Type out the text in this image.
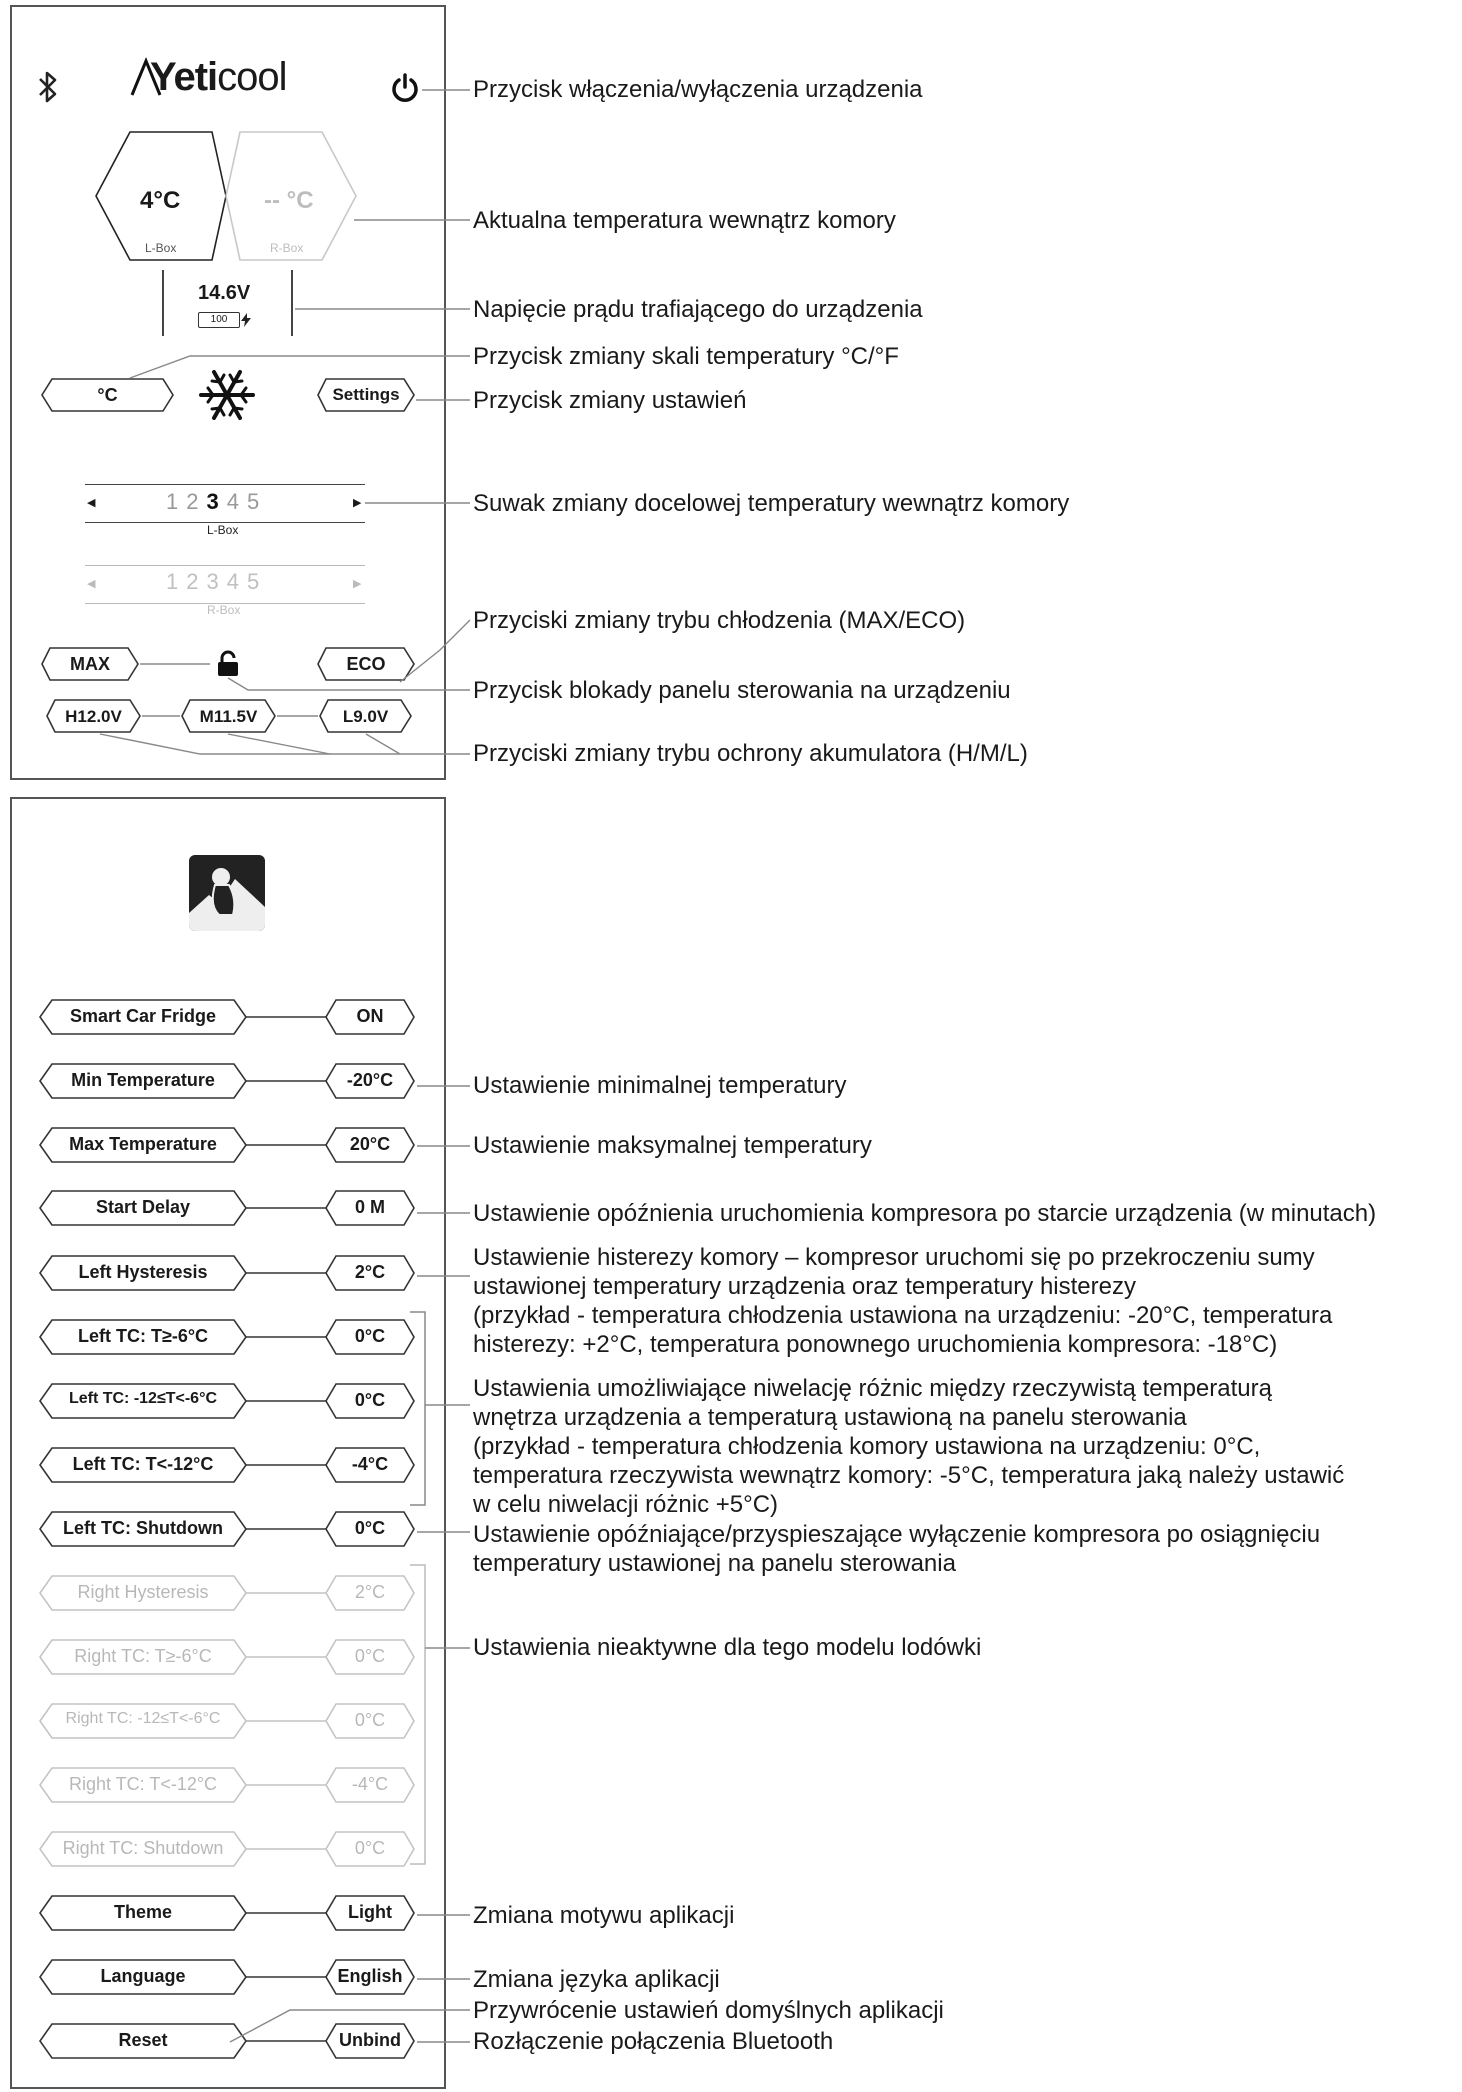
Yeticool
4°C
L-Box
-- °C
R-Box
14.6V
100
°C	Settings
◀	▶
12345
L-Box
◀	▶
12345
R-Box
MAX	ECO
H12.0V	M11.5V	L9.0V
Przycisk włączenia/wyłączenia urządzenia
Aktualna temperatura wewnątrz komory
Napięcie prądu trafiającego do urządzenia
Przycisk zmiany skali temperatury °C/°F
Przycisk zmiany ustawień
Suwak zmiany docelowej temperatury wewnątrz komory
Przyciski zmiany trybu chłodzenia (MAX/ECO)
Przycisk blokady panelu sterowania na urządzeniu
Przyciski zmiany trybu ochrony akumulatora (H/M/L)
Smart Car Fridge	ON
Min Temperature	-20°C
Max Temperature	20°C
Start Delay	0 M
Left Hysteresis	2°C
Left TC: T≥-6°C	0°C
Left TC: -12≤T<-6°C	0°C
Left TC: T<-12°C	-4°C
Left TC: Shutdown	0°C
Right Hysteresis	2°C
Right TC: T≥-6°C	0°C
Right TC: -12≤T<-6°C	0°C
Right TC: T<-12°C	-4°C
Right TC: Shutdown	0°C
Theme	Light
Language	English
Reset	Unbind
Ustawienie minimalnej temperatury
Ustawienie maksymalnej temperatury
Ustawienie opóźnienia uruchomienia kompresora po starcie urządzenia (w minutach)
Ustawienie histerezy komory – kompresor uruchomi się po przekroczeniu sumy
ustawionej temperatury urządzenia oraz temperatury histerezy
(przykład - temperatura chłodzenia ustawiona na urządzeniu: -20°C, temperatura
histerezy: +2°C, temperatura ponownego uruchomienia kompresora: -18°C)
Ustawienia umożliwiające niwelację różnic między rzeczywistą temperaturą
wnętrza urządzenia a temperaturą ustawioną na panelu sterowania
(przykład - temperatura chłodzenia komory ustawiona na urządzeniu: 0°C,
temperatura rzeczywista wewnątrz komory: -5°C, temperatura jaką należy ustawić
w celu niwelacji różnic +5°C)
Ustawienie opóźniające/przyspieszające wyłączenie kompresora po osiągnięciu
temperatury ustawionej na panelu sterowania
Ustawienia nieaktywne dla tego modelu lodówki
Zmiana motywu aplikacji
Zmiana języka aplikacji
Przywrócenie ustawień domyślnych aplikacji
Rozłączenie połączenia Bluetooth
